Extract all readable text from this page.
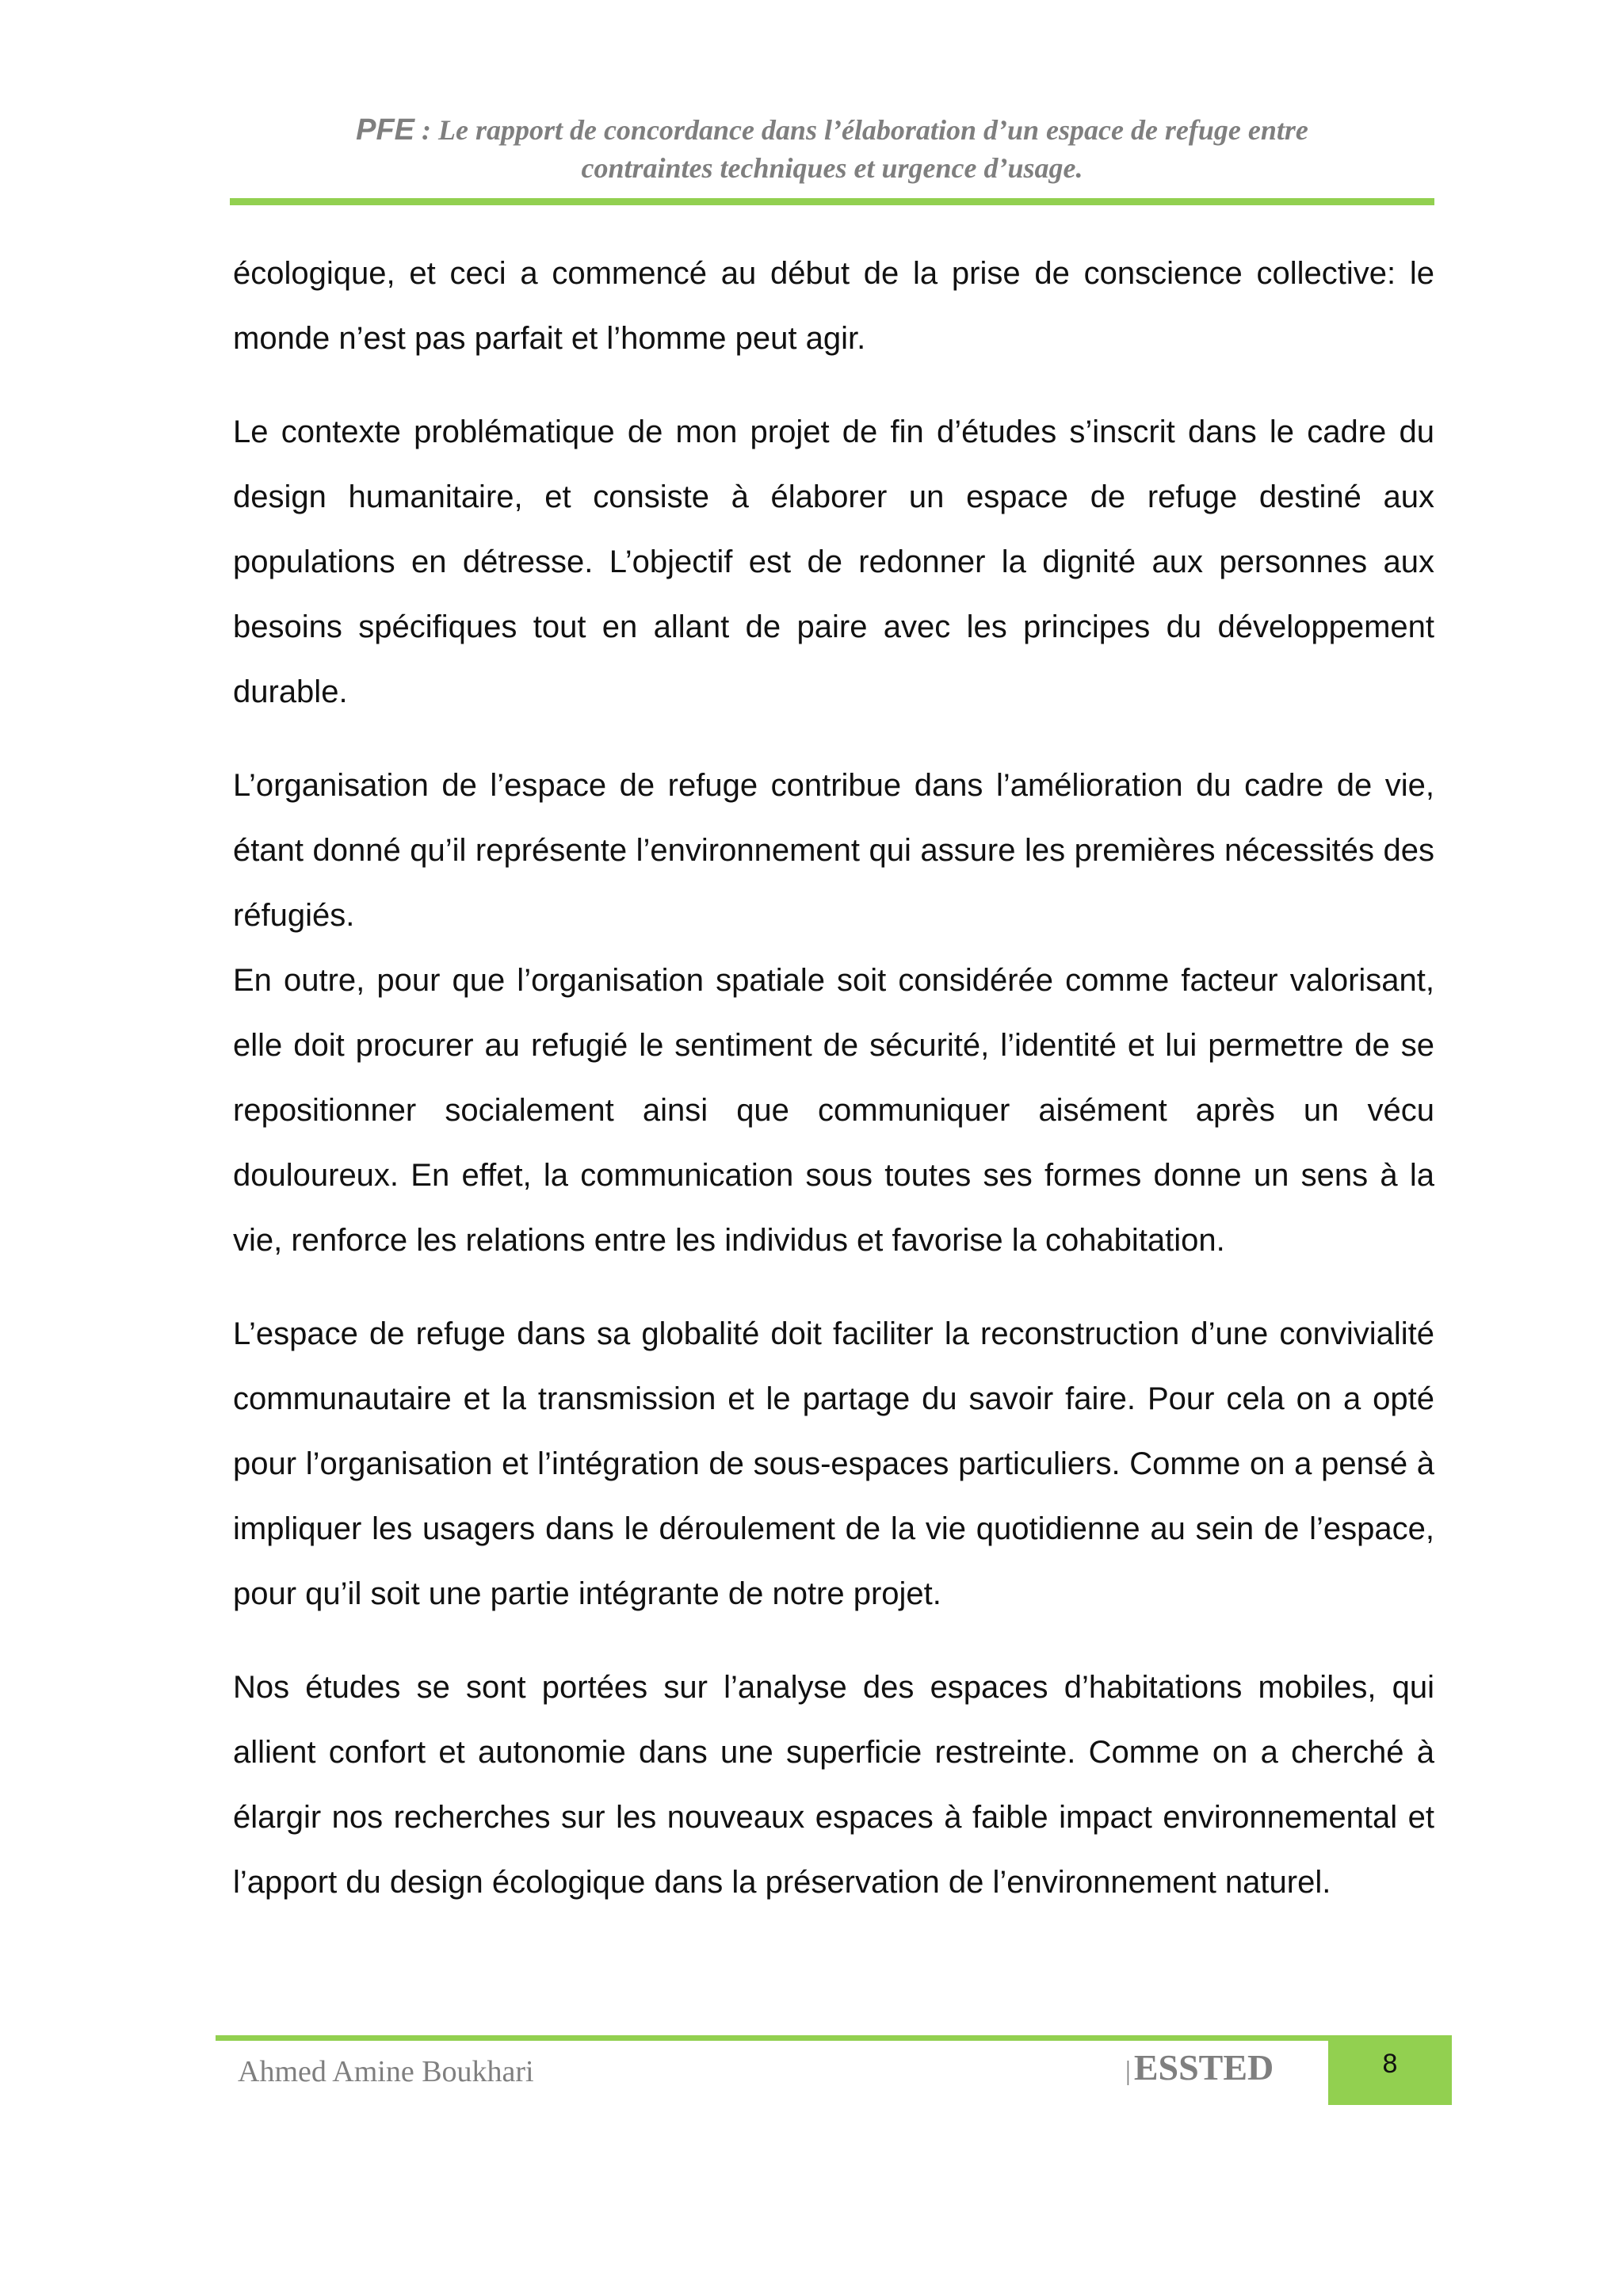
PFE : Le rapport de concordance dans l’élaboration d’un espace de refuge entre
contraintes techniques et urgence d’usage.

écologique, et ceci a commencé au début de la prise de conscience collective: le monde n’est pas parfait et l’homme peut agir.

Le contexte problématique de mon projet de fin d’études s’inscrit dans le cadre du design humanitaire, et consiste à élaborer un espace de refuge destiné aux populations en détresse. L’objectif est de redonner la dignité aux personnes aux besoins spécifiques tout en allant de paire avec les principes du développement durable.

L’organisation de l’espace de refuge contribue dans l’amélioration du cadre de vie, étant donné qu’il représente l’environnement qui assure les premières nécessités des réfugiés.

En outre, pour que l’organisation spatiale soit considérée comme facteur valorisant, elle doit procurer au refugié le sentiment de sécurité, l’identité et lui permettre de se repositionner socialement ainsi que communiquer aisément après un vécu douloureux. En effet, la communication sous toutes ses formes donne un sens à la vie, renforce les relations entre les individus et favorise la cohabitation.

L’espace de refuge dans sa globalité doit faciliter la reconstruction d’une convivialité communautaire et la transmission et le partage du savoir faire. Pour cela on a opté pour l’organisation et l’intégration de sous-espaces particuliers. Comme on a pensé à impliquer les usagers dans le déroulement de la vie quotidienne au sein de l’espace, pour qu’il soit une partie intégrante de notre projet.

Nos études se sont portées sur l’analyse des espaces d’habitations mobiles, qui allient confort et autonomie dans une superficie restreinte. Comme on a cherché à élargir nos recherches sur les nouveaux espaces à faible impact environnemental et l’apport du design écologique dans la préservation de l’environnement naturel.

Ahmed Amine Boukhari	|ESSTED	8
